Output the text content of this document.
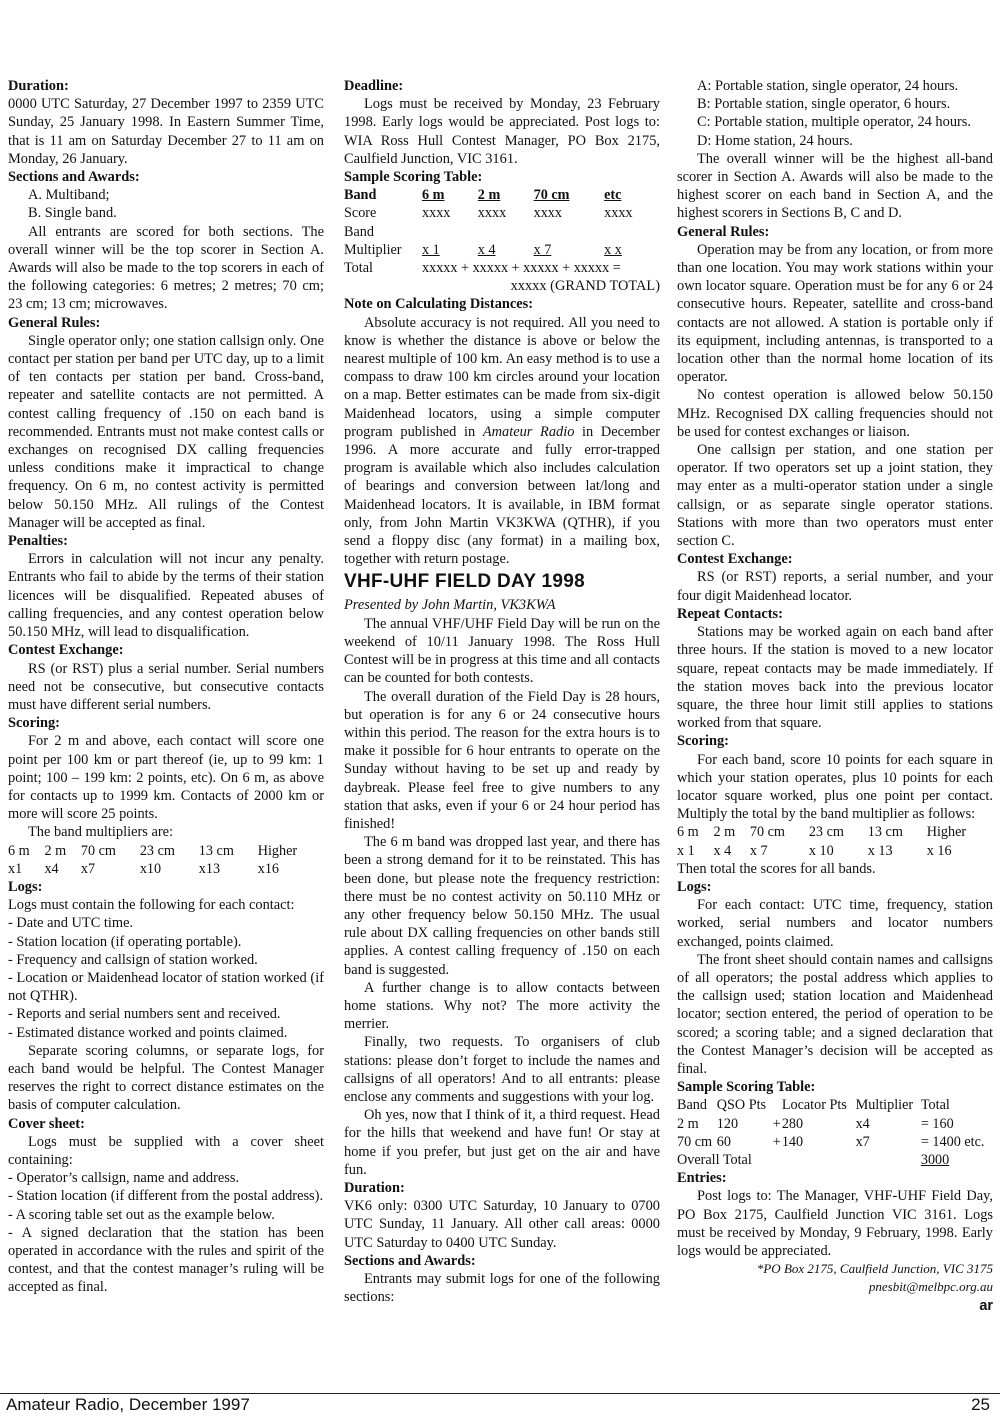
Duration:

0000 UTC Saturday, 27 December 1997 to 2359 UTC Sunday, 25 January 1998. In Eastern Summer Time, that is 11 am on Saturday December 27 to 11 am on Monday, 26 January.

Sections and Awards:

A. Multiband;

B. Single band.

All entrants are scored for both sections. The overall winner will be the top scorer in Section A. Awards will also be made to the top scorers in each of the following categories: 6 metres; 2 metres; 70 cm; 23 cm; 13 cm; microwaves.

General Rules:

Single operator only; one station callsign only. One contact per station per band per UTC day, up to a limit of ten contacts per station per band. Cross-band, repeater and satellite contacts are not permitted. A contest calling frequency of .150 on each band is recommended. Entrants must not make contest calls or exchanges on recognised DX calling frequencies unless conditions make it impractical to change frequency. On 6 m, no contest activity is permitted below 50.150 MHz. All rulings of the Contest Manager will be accepted as final.

Penalties:

Errors in calculation will not incur any penalty. Entrants who fail to abide by the terms of their station licences will be disqualified. Repeated abuses of calling frequencies, and any contest operation below 50.150 MHz, will lead to disqualification.

Contest Exchange:

RS (or RST) plus a serial number. Serial numbers need not be consecutive, but consecutive contacts must have different serial numbers.

Scoring:

For 2 m and above, each contact will score one point per 100 km or part thereof (ie, up to 99 km: 1 point; 100 – 199 km: 2 points, etc). On 6 m, as above for contacts up to 1999 km. Contacts of 2000 km or more will score 25 points.

The band multipliers are:

6 m	2 m	70 cm	23 cm	13 cm	Higher
x1	x4	x7	x10	x13	x16
Logs:

Logs must contain the following for each contact:

- Date and UTC time.

- Station location (if operating portable).

- Frequency and callsign of station worked.

- Location or Maidenhead locator of station worked (if not QTHR).

- Reports and serial numbers sent and received.

- Estimated distance worked and points claimed.

Separate scoring columns, or separate logs, for each band would be helpful. The Contest Manager reserves the right to correct distance estimates on the basis of computer calculation.

Cover sheet:

Logs must be supplied with a cover sheet containing:

- Operator’s callsign, name and address.

- Station location (if different from the postal address).

- A scoring table set out as the example below.

- A signed declaration that the station has been operated in accordance with the rules and spirit of the contest, and that the contest manager’s ruling will be accepted as final.

Deadline:

Logs must be received by Monday, 23 February 1998. Early logs would be appreciated. Post logs to: WIA Ross Hull Contest Manager, PO Box 2175, Caulfield Junction, VIC 3161.

Sample Scoring Table:
Band	6 m	2 m	70 cm	etc
Score	xxxx	xxxx	xxxx	xxxx
Band				
Multiplier	x 1	x 4	x 7	x x
Total	xxxxx + xxxxx + xxxxx + xxxxx =			

xxxxx (GRAND TOTAL)

Note on Calculating Distances:

Absolute accuracy is not required. All you need to know is whether the distance is above or below the nearest multiple of 100 km. An easy method is to use a compass to draw 100 km circles around your location on a map. Better estimates can be made from six-digit Maidenhead locators, using a simple computer program published in Amateur Radio in December 1996. A more accurate and fully error-trapped program is available which also includes calculation of bearings and conversion between lat/long and Maidenhead locators. It is available, in IBM format only, from John Martin VK3KWA (QTHR), if you send a floppy disc (any format) in a mailing box, together with return postage.

VHF-UHF FIELD DAY 1998

Presented by John Martin, VK3KWA

The annual VHF/UHF Field Day will be run on the weekend of 10/11 January 1998. The Ross Hull Contest will be in progress at this time and all contacts can be counted for both contests.

The overall duration of the Field Day is 28 hours, but operation is for any 6 or 24 consecutive hours within this period. The reason for the extra hours is to make it possible for 6 hour entrants to operate on the Sunday without having to be set up and ready by daybreak. Please feel free to give numbers to any station that asks, even if your 6 or 24 hour period has finished!

The 6 m band was dropped last year, and there has been a strong demand for it to be reinstated. This has been done, but please note the frequency restriction: there must be no contest activity on 50.110 MHz or any other frequency below 50.150 MHz. The usual rule about DX calling frequencies on other bands still applies. A contest calling frequency of .150 on each band is suggested.

A further change is to allow contacts between home stations. Why not? The more activity the merrier.

Finally, two requests. To organisers of club stations: please don’t forget to include the names and callsigns of all operators! And to all entrants: please enclose any comments and suggestions with your log.

Oh yes, now that I think of it, a third request. Head for the hills that weekend and have fun! Or stay at home if you prefer, but just get on the air and have fun.

Duration:

VK6 only: 0300 UTC Saturday, 10 January to 0700 UTC Sunday, 11 January. All other call areas: 0000 UTC Saturday to 0400 UTC Sunday.

Sections and Awards:

Entrants may submit logs for one of the following sections:

A: Portable station, single operator, 24 hours.

B: Portable station, single operator, 6 hours.

C: Portable station, multiple operator, 24 hours.

D: Home station, 24 hours.

The overall winner will be the highest all-band scorer in Section A. Awards will also be made to the highest scorer on each band in Section A, and the highest scorers in Sections B, C and D.

General Rules:

Operation may be from any location, or from more than one location. You may work stations within your own locator square. Operation must be for any 6 or 24 consecutive hours. Repeater, satellite and cross-band contacts are not allowed. A station is portable only if its equipment, including antennas, is transported to a location other than the normal home location of its operator.

No contest operation is allowed below 50.150 MHz. Recognised DX calling frequencies should not be used for contest exchanges or liaison.

One callsign per station, and one station per operator. If two operators set up a joint station, they may enter as a multi-operator station under a single callsign, or as separate single operator stations. Stations with more than two operators must enter section C.

Contest Exchange:

RS (or RST) reports, a serial number, and your four digit Maidenhead locator.

Repeat Contacts:

Stations may be worked again on each band after three hours. If the station is moved to a new locator square, repeat contacts may be made immediately. If the station moves back into the previous locator square, the three hour limit still applies to stations worked from that square.

Scoring:

For each band, score 10 points for each square in which your station operates, plus 10 points for each locator square worked, plus one point per contact. Multiply the total by the band multiplier as follows:

6 m	2 m	70 cm	23 cm	13 cm	Higher
x 1	x 4	x 7	x 10	x 13	x 16

Then total the scores for all bands.

Logs:

For each contact: UTC time, frequency, station worked, serial numbers and locator numbers exchanged, points claimed.

The front sheet should contain names and callsigns of all operators; the postal address which applies to the callsign used; station location and Maidenhead locator; section entered, the period of operation to be scored; a scoring table; and a signed declaration that the Contest Manager’s decision will be accepted as final.

Sample Scoring Table:
Band	QSO Pts		Locator Pts	Multiplier	Total
2 m	120	+	280	x4	= 160
70 cm	60	+	140	x7	= 1400 etc.
Overall Total					3000
Entries:

Post logs to: The Manager, VHF-UHF Field Day, PO Box 2175, Caulfield Junction VIC 3161. Logs must be received by Monday, 9 February, 1998. Early logs would be appreciated.

*PO Box 2175, Caulfield Junction, VIC 3175

pnesbit@melbpc.org.au

ar

Amateur Radio, December 1997	25
